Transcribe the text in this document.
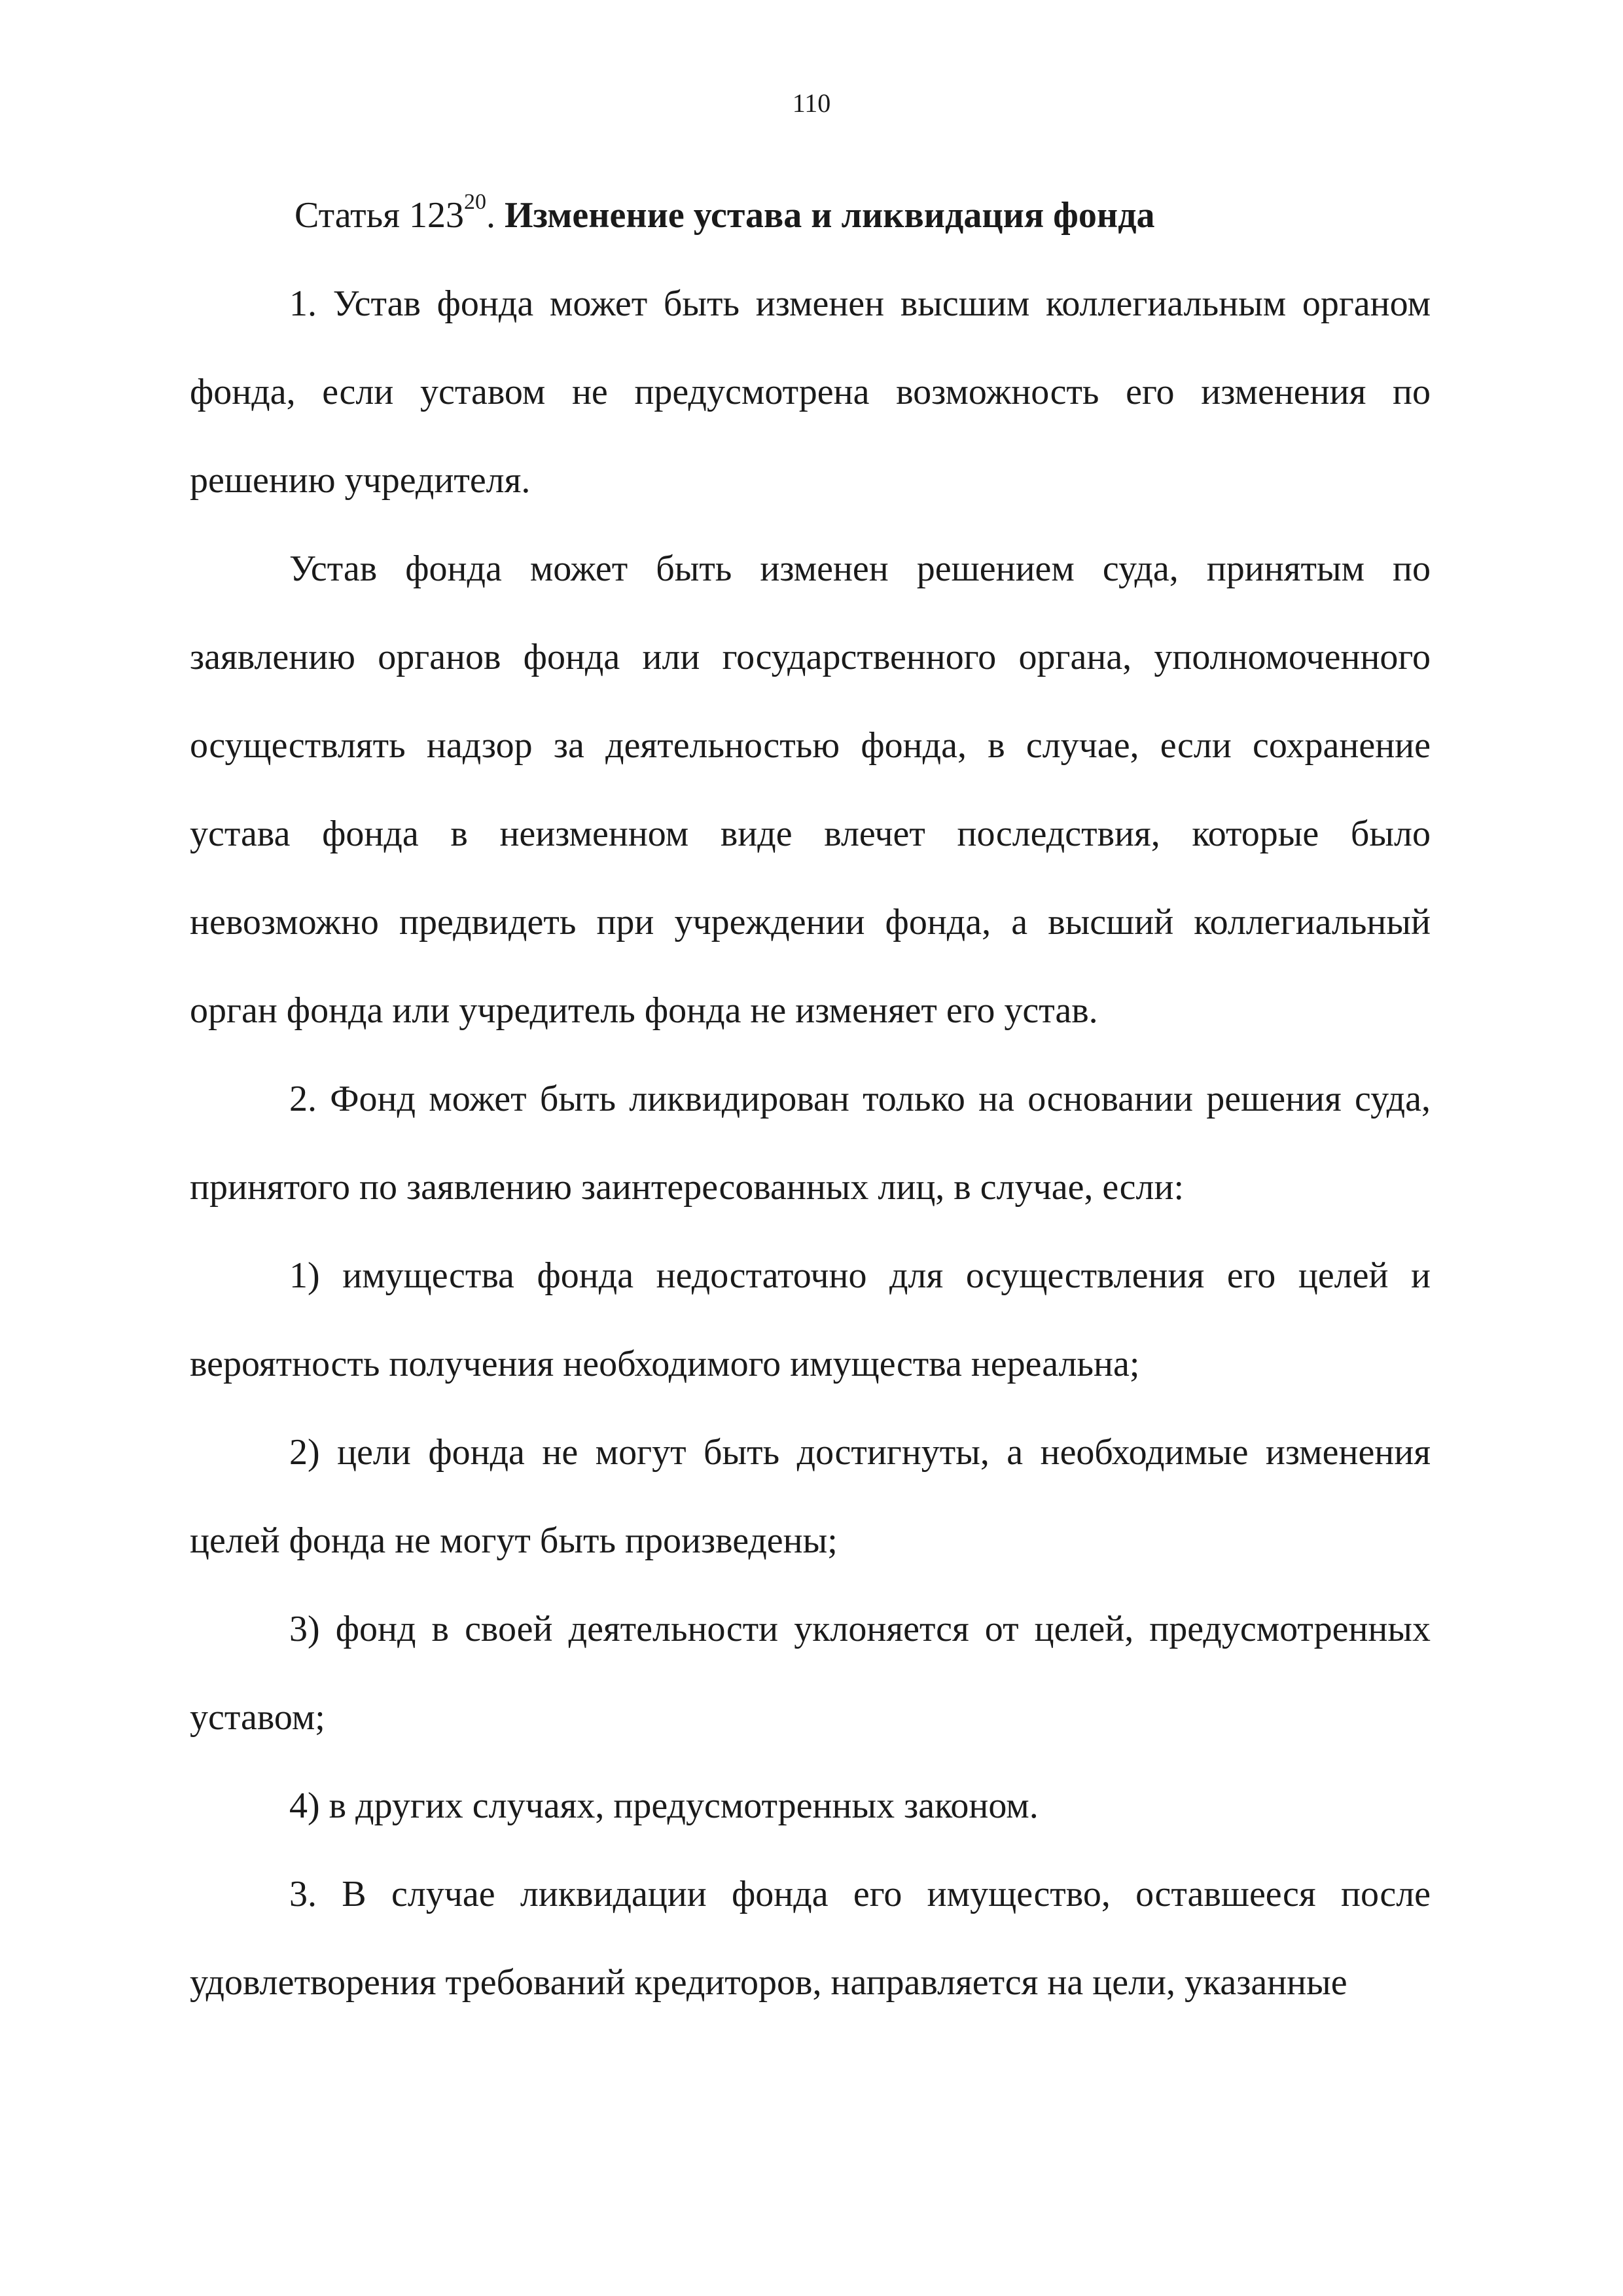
110
Статья $123^{20}$. Изменение устава и ликвидация фонда

1. Устав фонда может быть изменен высшим коллегиальным органом фонда, если уставом не предусмотрена возможность его изменения по решению учредителя.

Устав фонда может быть изменен решением суда, принятым по заявлению органов фонда или государственного органа, уполномоченного осуществлять надзор за деятельностью фонда, в случае, если сохранение устава фонда в неизменном виде влечет последствия, которые было невозможно предвидеть при учреждении фонда, а высший коллегиальный орган фонда или учредитель фонда не изменяет его устав.

2. Фонд может быть ликвидирован только на основании решения суда, принятого по заявлению заинтересованных лиц, в случае, если:

1) имущества фонда недостаточно для осуществления его целей и вероятность получения необходимого имущества нереальна;

2) цели фонда не могут быть достигнуты, а необходимые изменения целей фонда не могут быть произведены;

3) фонд в своей деятельности уклоняется от целей, предусмотренных уставом;

4) в других случаях, предусмотренных законом.

3. В случае ликвидации фонда его имущество, оставшееся после удовлетворения требований кредиторов, направляется на цели, указанные
